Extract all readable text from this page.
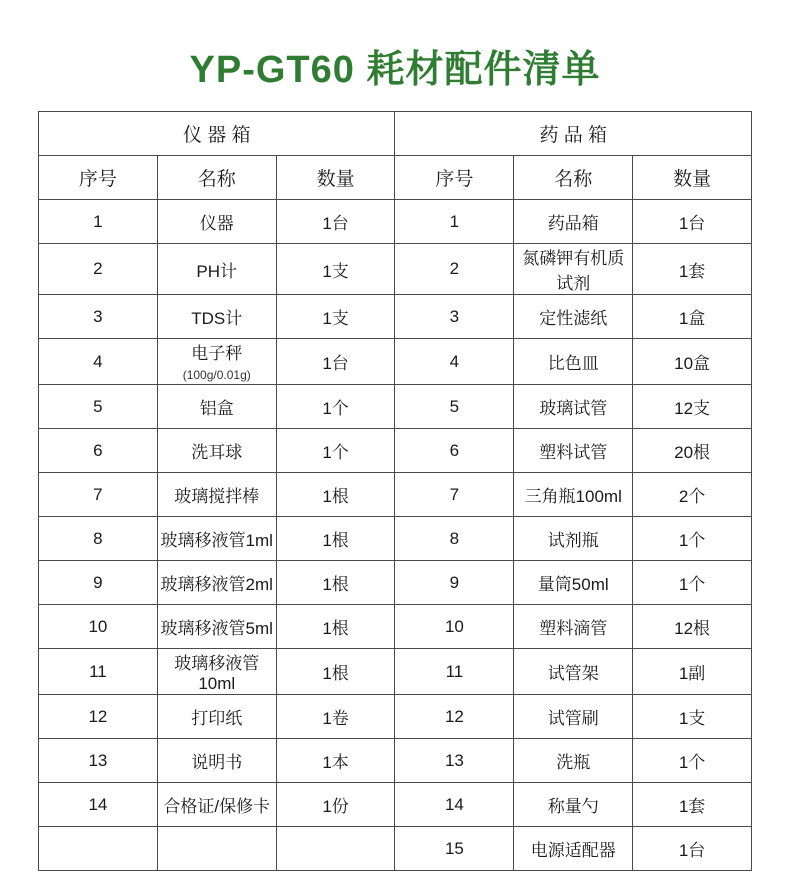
YP-GT60 耗材配件清单
仪 器 箱			药 品 箱		
序号	名称	数量	序号	名称	数量
1	仪器	1台	1	药品箱	1台
2	PH计	1支	2	氮磷钾有机质试剂	1套
3	TDS计	1支	3	定性滤纸	1盒
4	电子秤(100g/0.01g)	1台	4	比色皿	10盒
5	铝盒	1个	5	玻璃试管	12支
6	洗耳球	1个	6	塑料试管	20根
7	玻璃搅拌棒	1根	7	三角瓶100ml	2个
8	玻璃移液管1ml	1根	8	试剂瓶	1个
9	玻璃移液管2ml	1根	9	量筒50ml	1个
10	玻璃移液管5ml	1根	10	塑料滴管	12根
11	玻璃移液管10ml	1根	11	试管架	1副
12	打印纸	1卷	12	试管刷	1支
13	说明书	1本	13	洗瓶	1个
14	合格证/保修卡	1份	14	称量勺	1套
			15	电源适配器	1台
